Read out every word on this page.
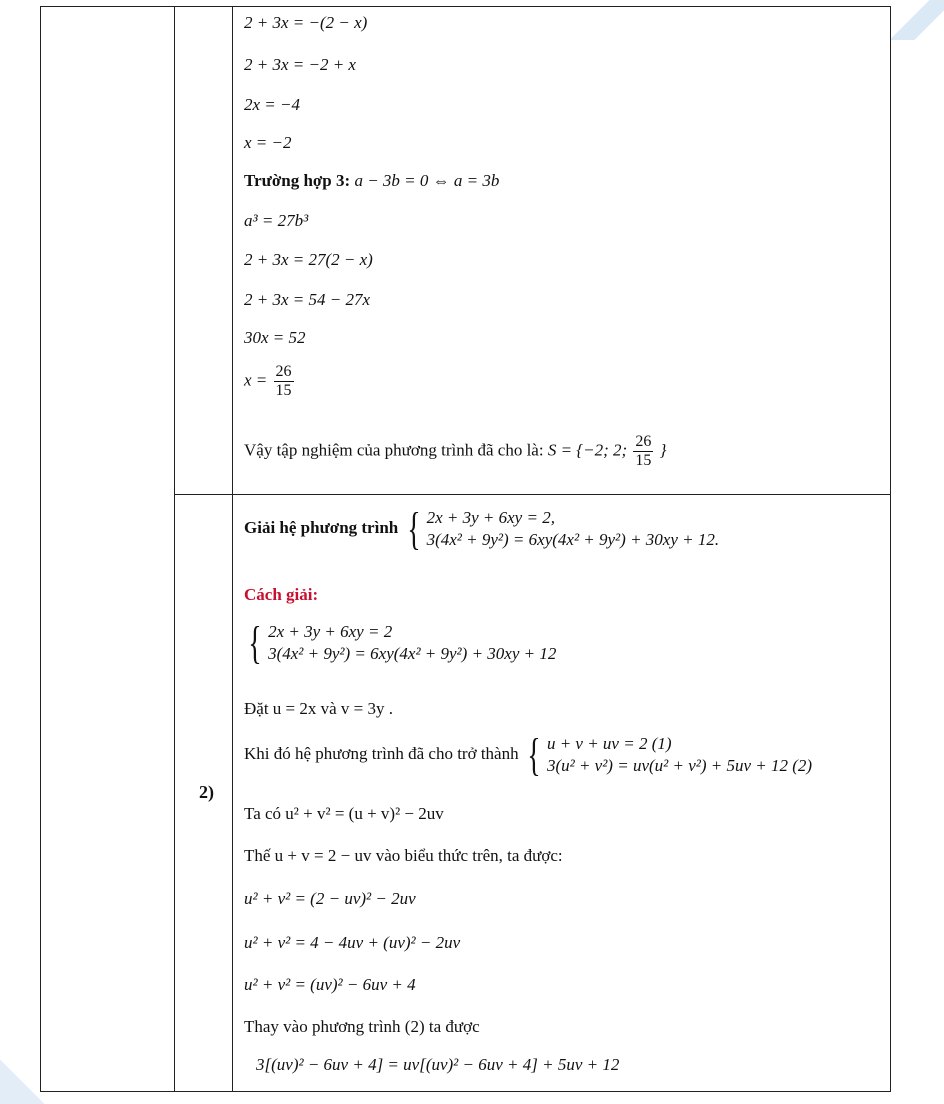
2 + 3x = −(2 − x)
2 + 3x = −2 + x
2x = −4
x = −2
Trường hợp 3: a − 3b = 0 ⇔ a = 3b
a³ = 27b³
2 + 3x = 27(2 − x)
2 + 3x = 54 − 27x
30x = 52
$x = \frac{26}{15}$
Vậy tập nghiệm của phương trình đã cho là: S = {−2; 2; $\frac{26}{15}$ }
Giải hệ phương trình { 2x + 3y + 6xy = 2,
3(4x² + 9y²) = 6xy(4x² + 9y²) + 30xy + 12.
Cách giải:
{ 2x + 3y + 6xy = 2
3(4x² + 9y²) = 6xy(4x² + 9y²) + 30xy + 12
Đặt u = 2x và v = 3y .
Khi đó hệ phương trình đã cho trở thành { u + v + uv = 2 (1)
3(u² + v²) = uv(u² + v²) + 5uv + 12 (2)
Ta có u² + v² = (u + v)² − 2uv
Thế u + v = 2 − uv vào biểu thức trên, ta được:
u² + v² = (2 − uv)² − 2uv
u² + v² = 4 − 4uv + (uv)² − 2uv
u² + v² = (uv)² − 6uv + 4
Thay vào phương trình (2) ta được
3[(uv)² − 6uv + 4] = uv[(uv)² − 6uv + 4] + 5uv + 12
2)
